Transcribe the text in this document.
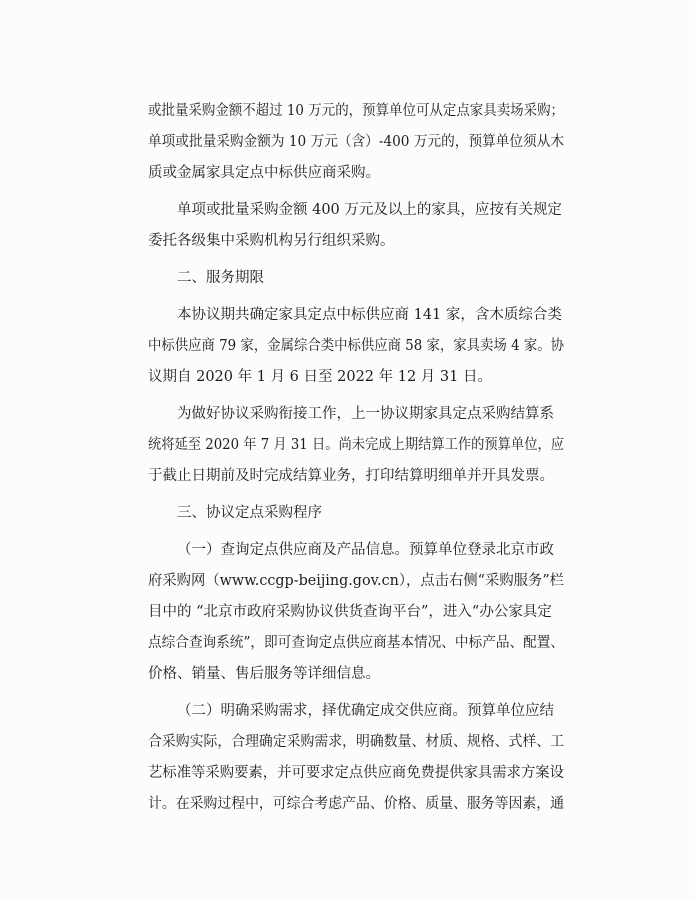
或批量采购金额不超过 10 万元的，预算单位可从定点家具卖场采购；
单项或批量采购金额为 10 万元（含）-400 万元的，预算单位须从木
质或金属家具定点中标供应商采购。
单项或批量采购金额 400 万元及以上的家具，应按有关规定
委托各级集中采购机构另行组织采购。
二、服务期限
本协议期共确定家具定点中标供应商 141 家，含木质综合类
中标供应商 79 家，金属综合类中标供应商 58 家，家具卖场 4 家。协
议期自 2020 年 1 月 6 日至 2022 年 12 月 31 日。
为做好协议采购衔接工作，上一协议期家具定点采购结算系
统将延至 2020 年 7 月 31 日。尚未完成上期结算工作的预算单位，应
于截止日期前及时完成结算业务，打印结算明细单并开具发票。
三、协议定点采购程序
（一）查询定点供应商及产品信息。预算单位登录北京市政
府采购网（www.ccgp-beijing.gov.cn），点击右侧“采购服务”栏
目中的 “北京市政府采购协议供货查询平台”，进入“办公家具定
点综合查询系统”，即可查询定点供应商基本情况、中标产品、配置、
价格、销量、售后服务等详细信息。
（二）明确采购需求，择优确定成交供应商。预算单位应结
合采购实际，合理确定采购需求，明确数量、材质、规格、式样、工
艺标准等采购要素，并可要求定点供应商免费提供家具需求方案设
计。在采购过程中，可综合考虑产品、价格、质量、服务等因素，通
